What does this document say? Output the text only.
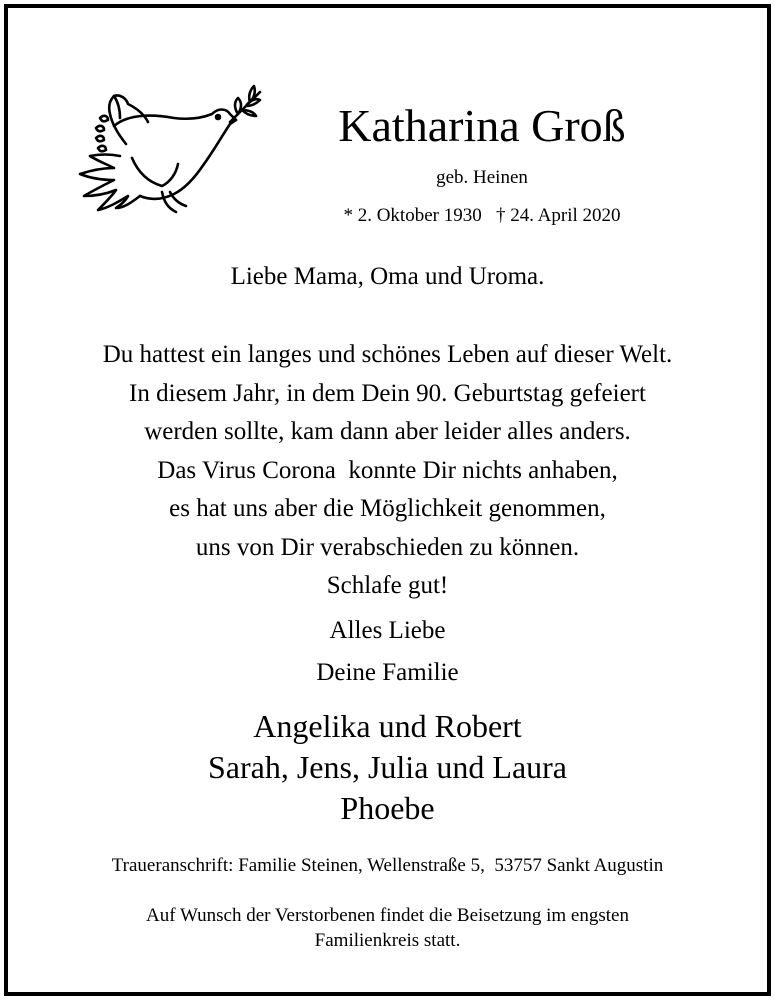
Katharina Groß
geb. Heinen
* 2. Oktober 1930   † 24. April 2020
Liebe Mama, Oma und Uroma.
Du hattest ein langes und schönes Leben auf dieser Welt.
In diesem Jahr, in dem Dein 90. Geburtstag gefeiert
werden sollte, kam dann aber leider alles anders.
Das Virus Corona  konnte Dir nichts anhaben,
es hat uns aber die Möglichkeit genommen,
uns von Dir verabschieden zu können.
Schlafe gut!
Alles Liebe
Deine Familie
Angelika und Robert
Sarah, Jens, Julia und Laura
Phoebe
Traueranschrift: Familie Steinen, Wellenstraße 5,  53757 Sankt Augustin
Auf Wunsch der Verstorbenen findet die Beisetzung im engsten
Familienkreis statt.
